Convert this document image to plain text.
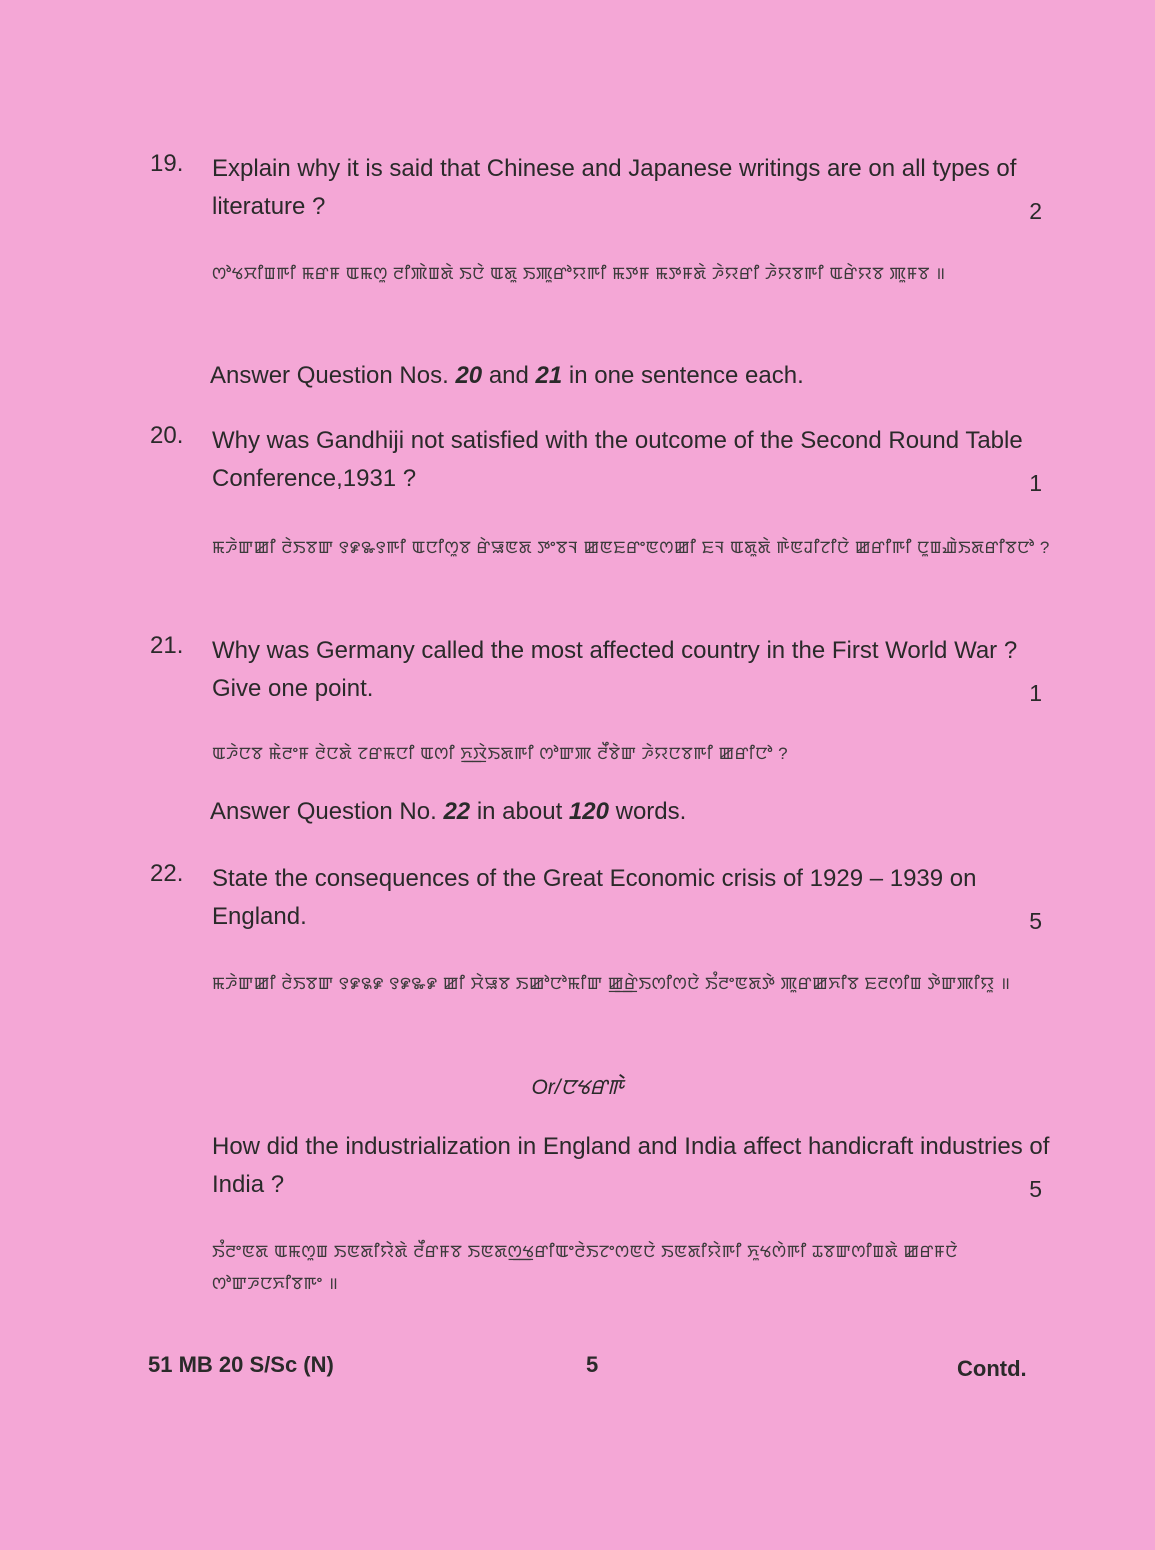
19. Explain why it is said that Chinese and Japanese writings are on all types of literature ?	2
ꯁꯣꯠꯆꯤꯡꯒꯤ ꯃꯔꯝ ꯑꯃꯁꯨ ꯂꯤꯄꯥꯡꯗꯥ ꯏꯅꯥ ꯑꯗꯨ ꯏꯄꯨꯔꯣꯌꯒꯤ ꯃꯇꯝ ꯃꯇꯝꯗꯥ ꯍꯥꯌꯔꯤ ꯍꯥꯌꯕꯒꯤ ꯑꯔꯥꯌꯕ ꯄꯨꯝꯕ ॥
Answer Question Nos. 20 and 21 in one sentence each.
20. Why was Gandhiji not satisfied with the outcome of the Second Round Table Conference,1931 ?	1
ꯃꯍꯥꯛꯀꯤ ꯂꯥꯏꯕꯛ ꯱꯹꯳꯱ꯒꯤ ꯑꯅꯤꯁꯨꯕ ꯔꯥꯎꯟꯗ ꯇꯦꯕꯜ ꯀꯟꯐꯔꯦꯟꯁꯀꯤ ꯐꯜ ꯑꯗꯨꯗꯥ ꯒꯥꯟꯙꯤꯖꯤꯅꯥ ꯀꯔꯤꯒꯤ ꯅꯨꯡꯉꯥꯏꯗꯔꯤꯕꯅꯣ ?
21. Why was Germany called the most affected country in the First World War ? Give one point.	1
ꯑꯍꯥꯅꯕ ꯃꯥꯂꯦꯝ ꯂꯥꯅꯗꯥ ꯖꯔꯃꯅꯤ ꯑꯁꯤ ꯈ꯭ꯋꯥꯏꯗꯒꯤ ꯁꯣꯛꯄ ꯂꯩꯕꯥꯛ ꯍꯥꯌꯅꯕꯒꯤ ꯀꯔꯤꯅꯣ ?
Answer Question No. 22 in about 120 words.
22. State the consequences of the Great Economic crisis of 1929 – 1939 on England.	5
ꯃꯍꯥꯛꯀꯤ ꯂꯥꯏꯕꯛ ꯱꯹꯲꯹ ꯱꯹꯳꯹ ꯀꯤ ꯆꯥꯎꯕ ꯏꯀꯣꯅꯣꯃꯤꯛ ꯀ꯭ꯔꯥꯏꯁꯤꯁꯅꯥ ꯏꯪꯂꯦꯟꯗꯇꯥ ꯄꯨꯔꯀꯈꯤꯕ ꯐꯂꯁꯤꯡ ꯇꯥꯛꯄꯤꯌꯨ ॥
Or/ꯅꯠꯔꯒꯥ
How did the industrialization in England and India affect handicraft industries of India ?	5
ꯏꯪꯂꯦꯟꯗ ꯑꯃꯁꯨꯡ ꯏꯟꯗꯤꯌꯥꯗꯥ ꯂꯩꯔꯝꯕ ꯏꯟꯗꯁ꯭ꯠꯔꯤꯑꯦꯂꯥꯏꯖꯦꯁꯟꯅꯥ ꯏꯟꯗꯤꯌꯥꯒꯤ ꯈꯨꯠꯁꯥꯒꯤ ꯊꯕꯛꯁꯤꯡꯗꯥ ꯀꯔꯝꯅꯥ ꯁꯣꯛꯍꯅꯈꯤꯕꯒꯦ ॥
51 MB 20 S/Sc (N)	5	Contd.
